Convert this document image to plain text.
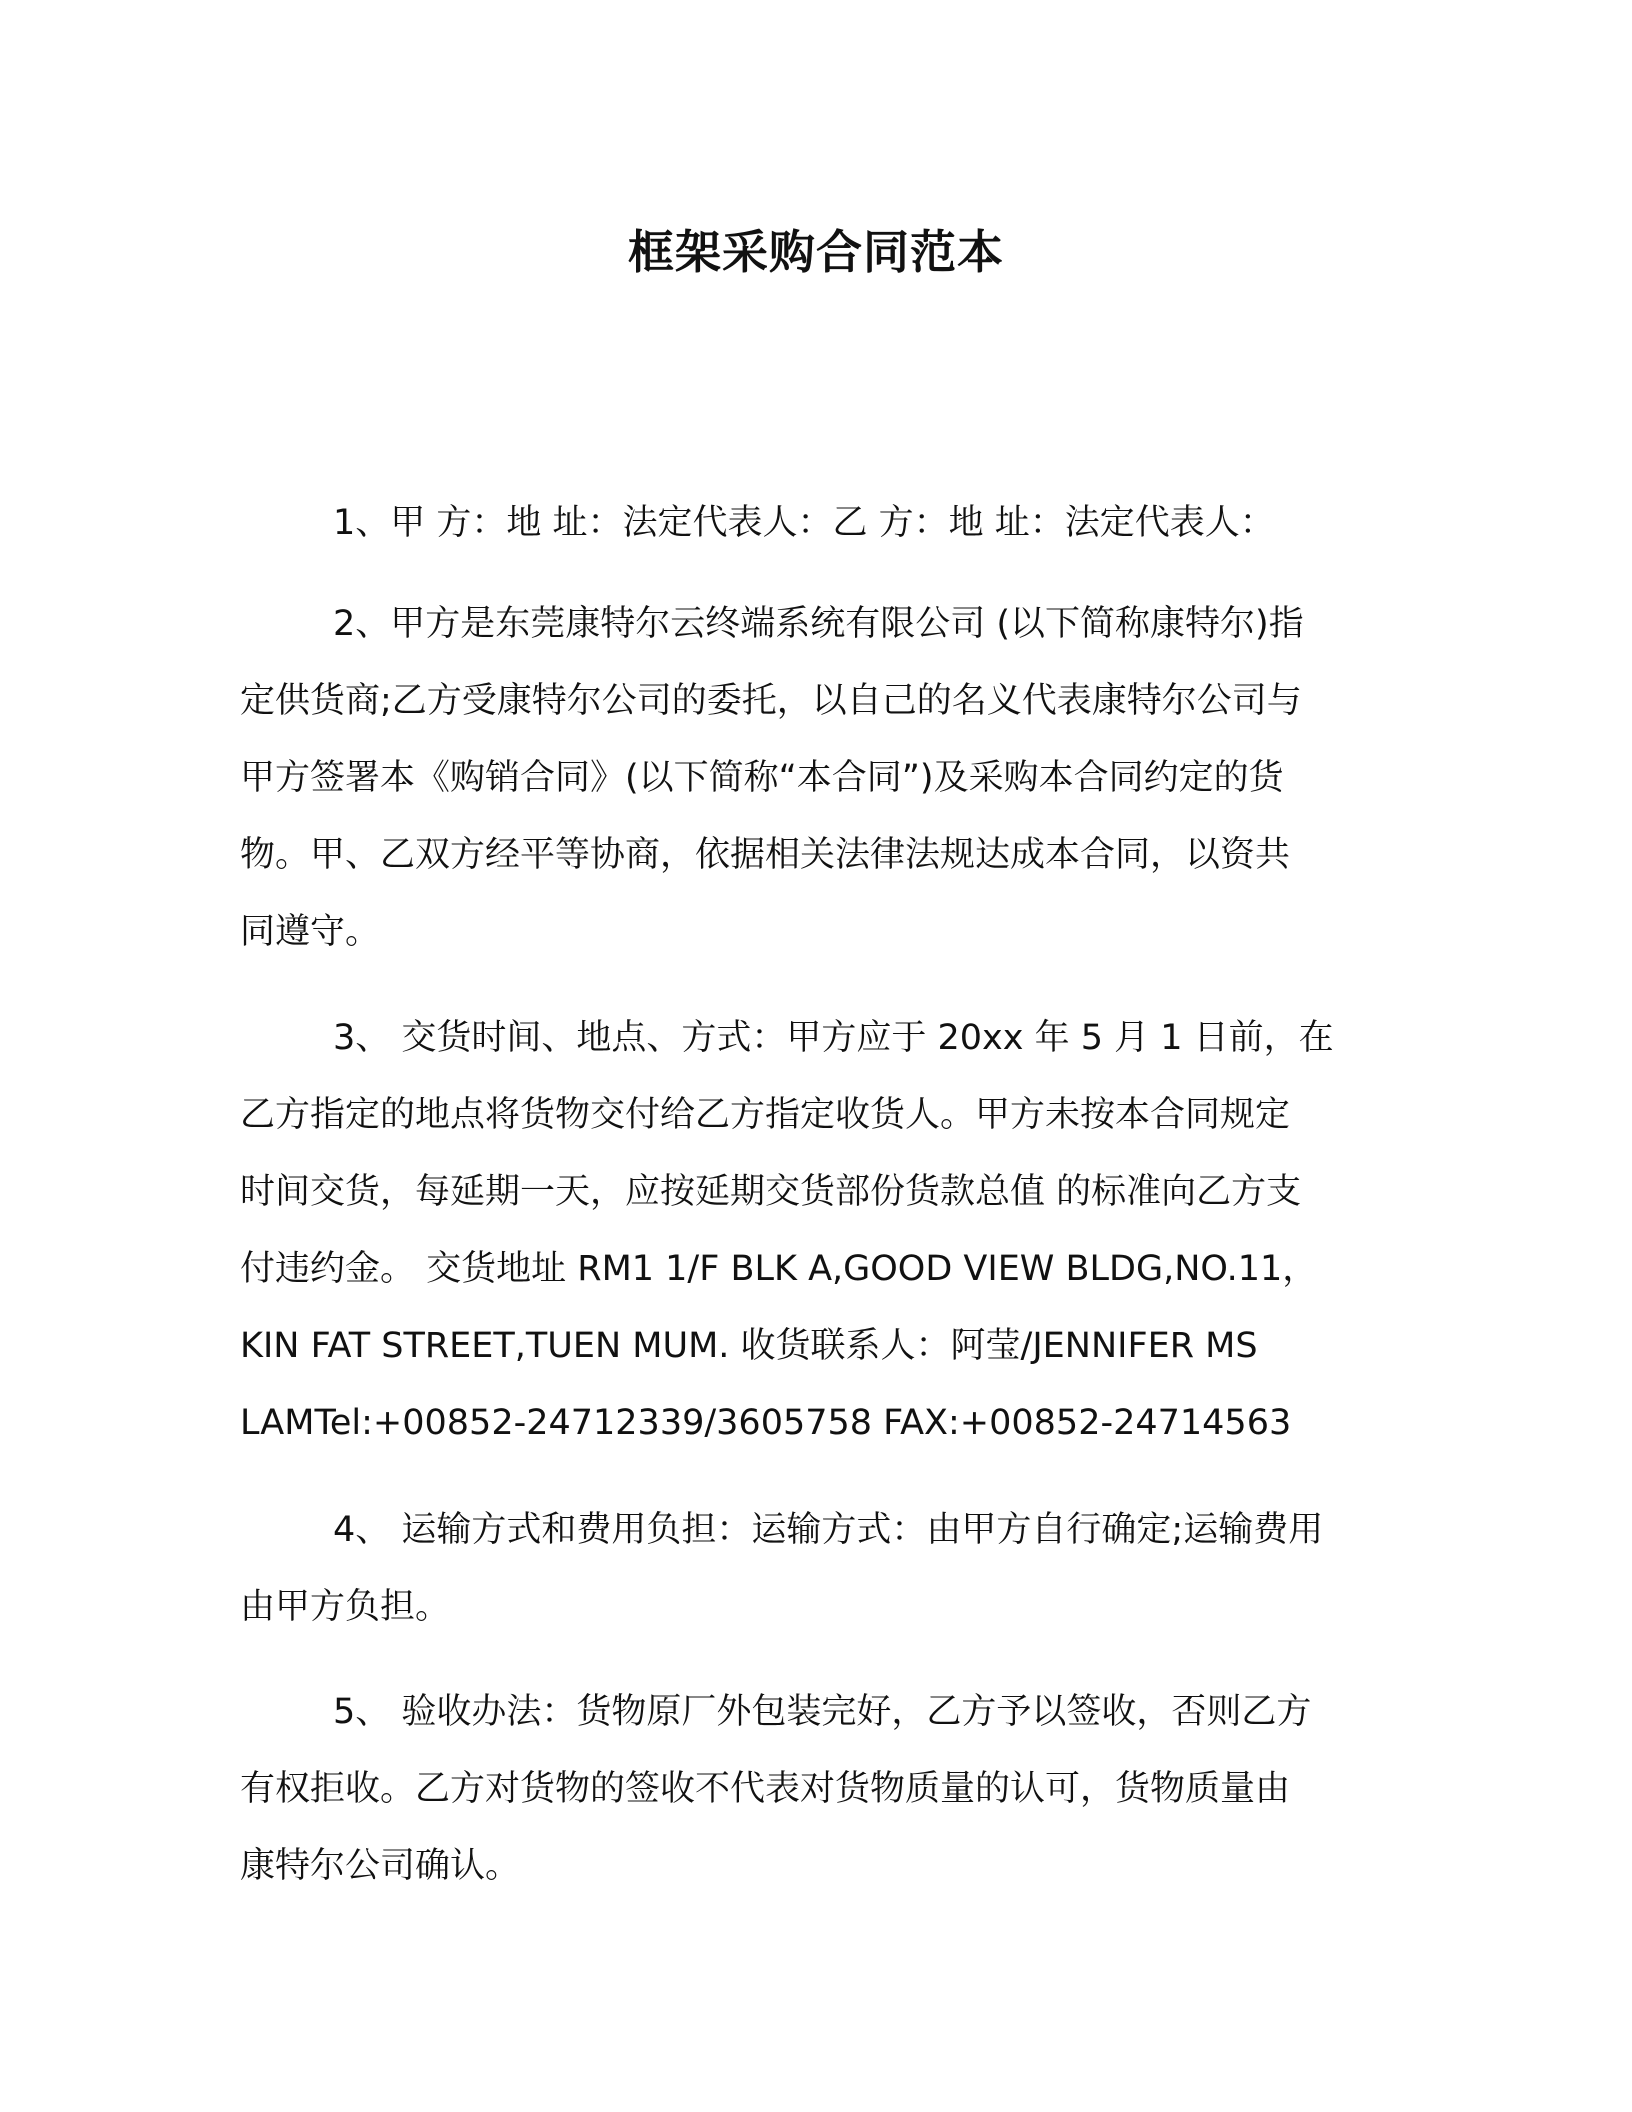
框架采购合同范本
1、甲 方：地 址：法定代表人：乙 方：地 址：法定代表人：
2、甲方是东莞康特尔云终端系统有限公司 (以下简称康特尔)指
定供货商;乙方受康特尔公司的委托，以自己的名义代表康特尔公司与
甲方签署本《购销合同》(以下简称“本合同”)及采购本合同约定的货
物。甲、乙双方经平等协商，依据相关法律法规达成本合同，以资共
同遵守。
3、 交货时间、地点、方式：甲方应于 20xx 年 5 月 1 日前，在
乙方指定的地点将货物交付给乙方指定收货人。甲方未按本合同规定
时间交货，每延期一天，应按延期交货部份货款总值 的标准向乙方支
付违约金。 交货地址 RM1 1/F BLK A,GOOD VIEW BLDG,NO.11，
KIN FAT STREET,TUEN MUM. 收货联系人：阿莹/JENNIFER MS
LAMTel:+00852-24712339/3605758 FAX:+00852-24714563
4、 运输方式和费用负担：运输方式：由甲方自行确定;运输费用
由甲方负担。
5、 验收办法：货物原厂外包装完好，乙方予以签收，否则乙方
有权拒收。乙方对货物的签收不代表对货物质量的认可，货物质量由
康特尔公司确认。
